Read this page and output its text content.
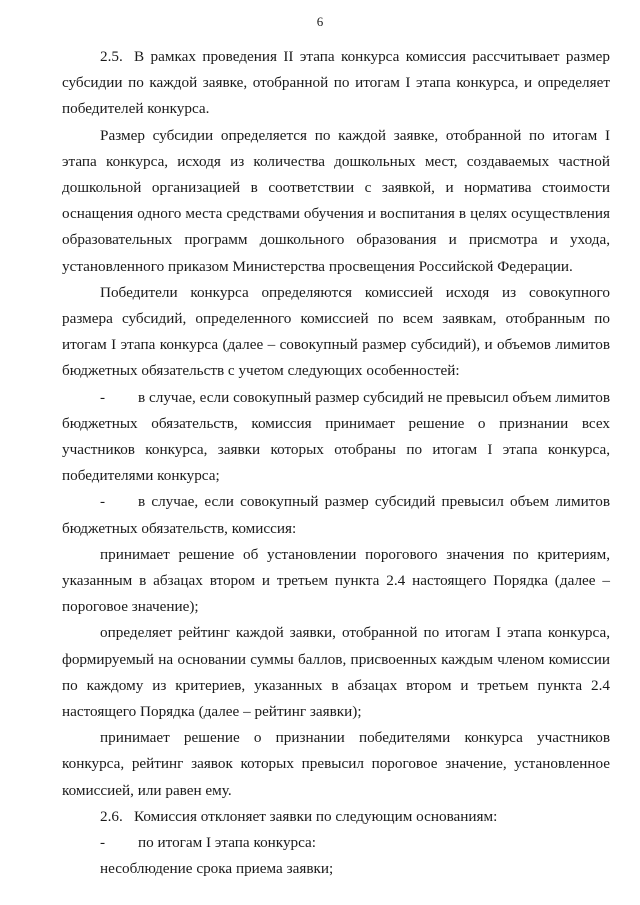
6

2.5. В рамках проведения II этапа конкурса комиссия рассчитывает размер субсидии по каждой заявке, отобранной по итогам I этапа конкурса, и определяет победителей конкурса.

Размер субсидии определяется по каждой заявке, отобранной по итогам I этапа конкурса, исходя из количества дошкольных мест, создаваемых частной дошкольной организацией в соответствии с заявкой, и норматива стоимости оснащения одного места средствами обучения и воспитания в целях осуществления образовательных программ дошкольного образования и присмотра и ухода, установленного приказом Министерства просвещения Российской Федерации.

Победители конкурса определяются комиссией исходя из совокупного размера субсидий, определенного комиссией по всем заявкам, отобранным по итогам I этапа конкурса (далее – совокупный размер субсидий), и объемов лимитов бюджетных обязательств с учетом следующих особенностей:

- в случае, если совокупный размер субсидий не превысил объем лимитов бюджетных обязательств, комиссия принимает решение о признании всех участников конкурса, заявки которых отобраны по итогам I этапа конкурса, победителями конкурса;

- в случае, если совокупный размер субсидий превысил объем лимитов бюджетных обязательств, комиссия:

принимает решение об установлении порогового значения по критериям, указанным в абзацах втором и третьем пункта 2.4 настоящего Порядка (далее – пороговое значение);

определяет рейтинг каждой заявки, отобранной по итогам I этапа конкурса, формируемый на основании суммы баллов, присвоенных каждым членом комиссии по каждому из критериев, указанных в абзацах втором и третьем пункта 2.4 настоящего Порядка (далее – рейтинг заявки);

принимает решение о признании победителями конкурса участников конкурса, рейтинг заявок которых превысил пороговое значение, установленное комиссией, или равен ему.

2.6. Комиссия отклоняет заявки по следующим основаниям:

- по итогам I этапа конкурса:

несоблюдение срока приема заявки;
